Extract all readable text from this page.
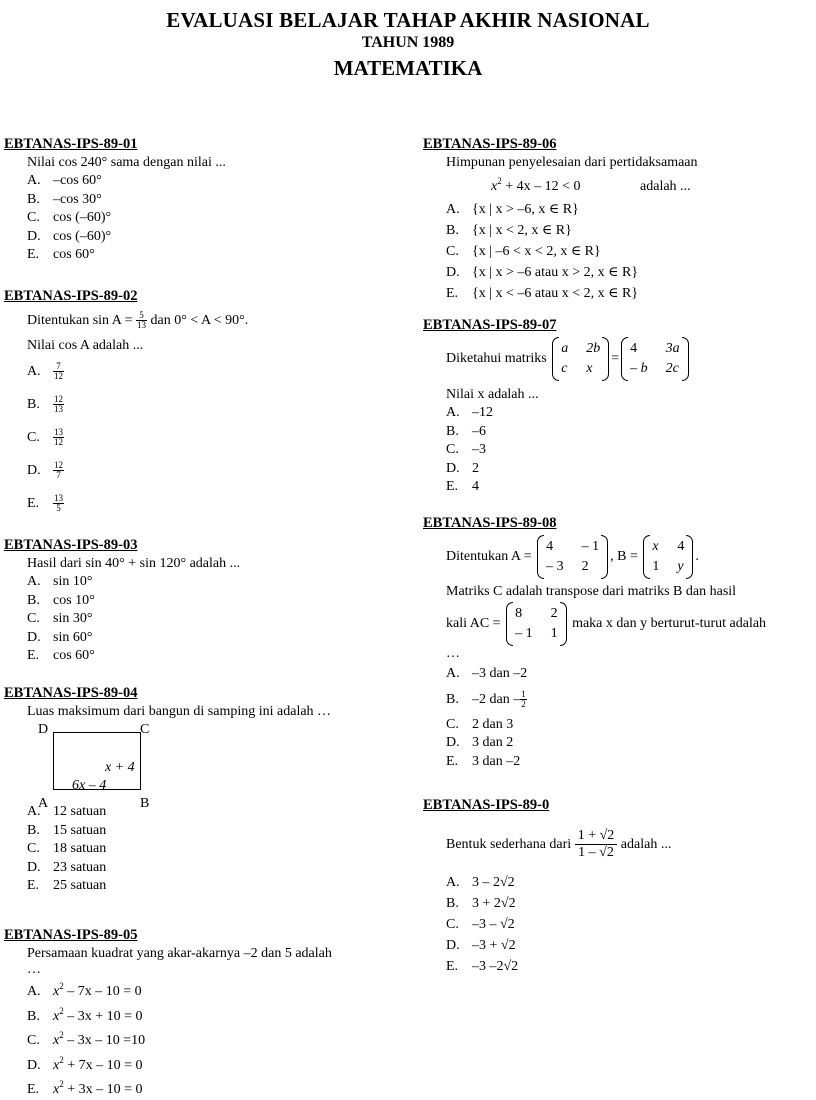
EVALUASI BELAJAR TAHAP AKHIR NASIONAL
TAHUN 1989
MATEMATIKA
EBTANAS-IPS-89-01
Nilai cos 240° sama dengan nilai ...
A. –cos 60°
B. –cos 30°
C. cos (–60)°
D. cos (–60)°
E. cos 60°
EBTANAS-IPS-89-02
Ditentukan $\sin A = \frac{5}{13}$ dan 0° < A < 90°.
Nilai cos A adalah ...
A. $\frac{7}{12}$
B. $\frac{12}{13}$
C. $\frac{13}{12}$
D. $\frac{12}{7}$
E. $\frac{13}{5}$
EBTANAS-IPS-89-03
Hasil dari sin 40° + sin 120° adalah ...
A. sin 10°
B. cos 10°
C. sin 30°
D. sin 60°
E. cos 60°
EBTANAS-IPS-89-04
Luas maksimum dari bangun di samping ini adalah …
D	C
x + 4
6x – 4
A	B
A. 12 satuan
B. 15 satuan
C. 18 satuan
D. 23 satuan
E. 25 satuan
EBTANAS-IPS-89-05
Persamaan kuadrat yang akar-akarnya –2 dan 5 adalah
…
A. $x^2 - 7x - 10 = 0$
B. $x^2 - 3x + 10 = 0$
C. $x^2 - 3x - 10 =10$
D. $x^2 + 7x - 10 = 0$
E. $x^2 + 3x - 10 = 0$
EBTANAS-IPS-89-06
Himpunan penyelesaian dari pertidaksamaan
$x^2 + 4x - 12 < 0$	adalah ...
A. {x | x > –6, x ∈ R}
B. {x | x < 2, x ∈ R}
C. {x | –6 < x < 2, x ∈ R}
D. {x | x > –6 atau x > 2, x ∈ R}
E. {x | x < –6 atau x < 2, x ∈ R}
EBTANAS-IPS-89-07
Diketahui matriks
a 2b
c x
=
4	3a
– b 2c
Nilai x adalah ...
A. –12
B. –6
C. –3
D. 2
E. 4
EBTANAS-IPS-89-08
Ditentukan A =
4	– 1
– 3 2
, B =
x 4
1 y
.
Matriks C adalah transpose dari matriks B dan hasil
kali AC =
8	2
– 1 1
maka x dan y berturut-turut adalah
…
A. –3 dan –2
B. –2 dan – $\frac{1}{2}$
C. 2 dan 3
D. 3 dan 2
E. 3 dan –2
EBTANAS-IPS-89-0
Bentuk sederhana dari $\frac{1 + √2}{1 - √2}$ adalah ...
A. 3 – 2√2
B. 3 + 2√2
C. –3 – √2
D. –3 + √2
E. –3 –2√2
